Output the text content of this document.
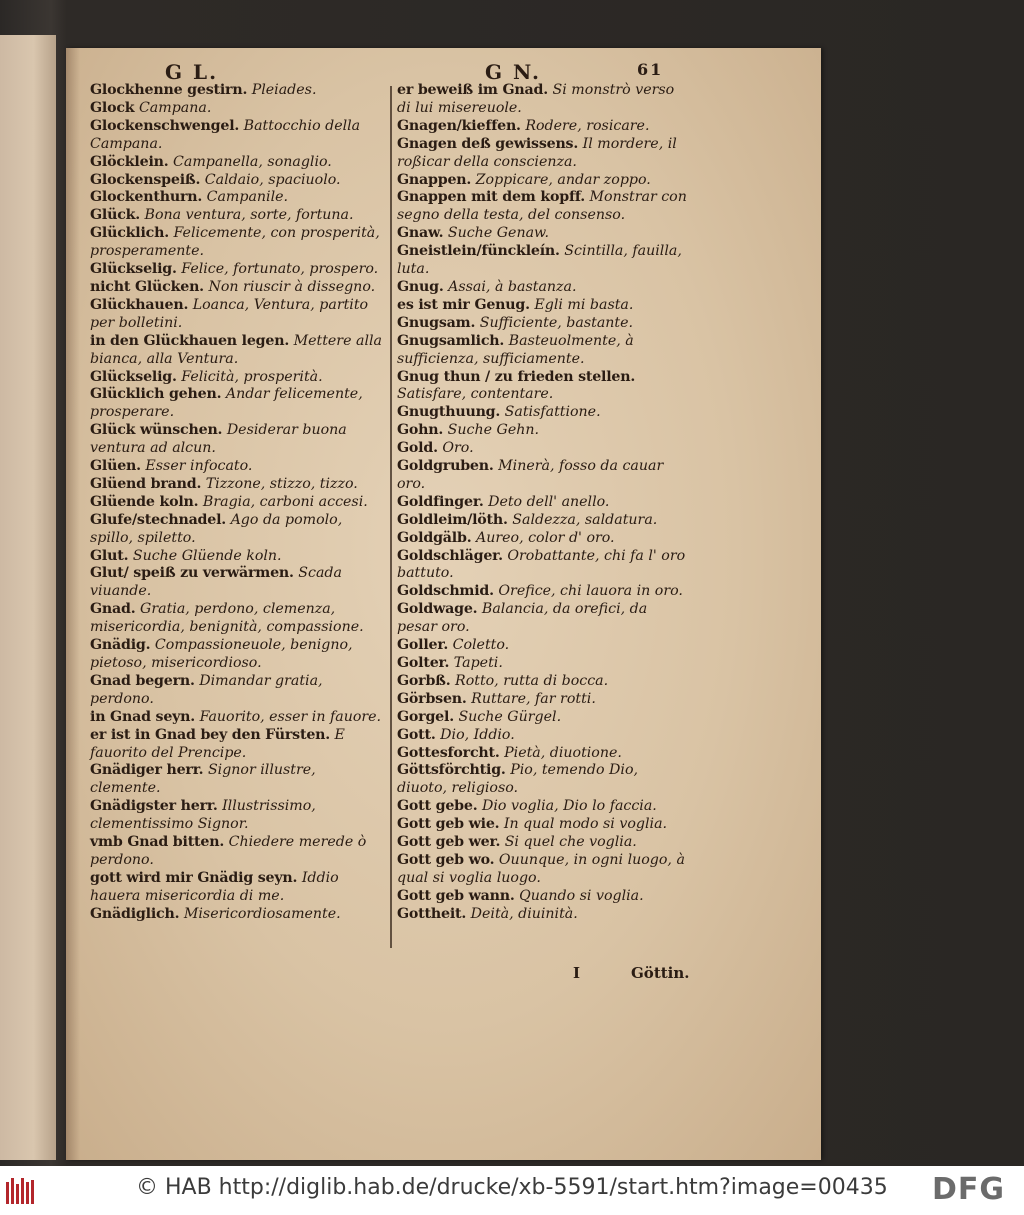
G L.	G N.	61
Glockhenne gestirn. Pleiades.
Glock Campana.
Glockenschwengel. Battocchio della Campana.
Glöcklein. Campanella, sonaglio.
Glockenspeiß. Caldaio, spaciuolo.
Glockenthurn. Campanile.
Glück. Bona ventura, sorte, fortuna.
Glücklich. Felicemente, con prosperità, prosperamente.
Glückselig. Felice, fortunato, prospero.
nicht Glücken. Non riuscir à dissegno.
Glückhauen. Loanca, Ventura, partito per bolletini.
in den Glückhauen legen. Mettere alla bianca, alla Ventura.
Glückselig. Felicità, prosperità.
Glücklich gehen. Andar felicemente, prosperare.
Glück wünschen. Desiderar buona ventura ad alcun.
Glüen. Esser infocato.
Glüend brand. Tizzone, stizzo, tizzo.
Glüende koln. Bragia, carboni accesi.
Glufe/stechnadel. Ago da pomolo, spillo, spiletto.
Glut. Suche Glüende koln.
Glut/ speiß zu verwärmen. Scada viuande.
Gnad. Gratia, perdono, clemenza, misericordia, benignità, compassione.
Gnädig. Compassioneuole, benigno, pietoso, misericordioso.
Gnad begern. Dimandar gratia, perdono.
in Gnad seyn. Fauorito, esser in fauore.
er ist in Gnad bey den Fürsten. E fauorito del Prencipe.
Gnädiger herr. Signor illustre, clemente.
Gnädigster herr. Illustrissimo, clementissimo Signor.
vmb Gnad bitten. Chiedere merede ò perdono.
gott wird mir Gnädig seyn. Iddio hauera misericordia di me.
Gnädiglich. Misericordiosamente.
er beweiß im Gnad. Si monstrò verso di lui misereuole.
Gnagen/kieffen. Rodere, rosicare.
Gnagen deß gewissens. Il mordere, il roßicar della conscienza.
Gnappen. Zoppicare, andar zoppo.
Gnappen mit dem kopff. Monstrar con segno della testa, del consenso.
Gnaw. Suche Genaw.
Gneistlein/fünckleín. Scintilla, fauilla, luta.
Gnug. Assai, à bastanza.
es ist mir Genug. Egli mi basta.
Gnugsam. Sufficiente, bastante.
Gnugsamlich. Basteuolmente, à sufficienza, sufficiamente.
Gnug thun / zu frieden stellen. Satisfare, contentare.
Gnugthuung. Satisfattione.
Gohn. Suche Gehn.
Gold. Oro.
Goldgruben. Minerà, fosso da cauar oro.
Goldfinger. Deto dell' anello.
Goldleim/löth. Saldezza, saldatura.
Goldgälb. Aureo, color d' oro.
Goldschläger. Orobattante, chi fa l' oro battuto.
Goldschmid. Orefice, chi lauora in oro.
Goldwage. Balancia, da orefici, da pesar oro.
Goller. Coletto.
Golter. Tapeti.
Gorbß. Rotto, rutta di bocca.
Görbsen. Ruttare, far rotti.
Gorgel. Suche Gürgel.
Gott. Dio, Iddio.
Gottesforcht. Pietà, diuotione.
Göttsförchtig. Pio, temendo Dio, diuoto, religioso.
Gott gebe. Dio voglia, Dio lo faccia.
Gott geb wie. In qual modo si voglia.
Gott geb wer. Si quel che voglia.
Gott geb wo. Ouunque, in ogni luogo, à qual si voglia luogo.
Gott geb wann. Quando si voglia.
Gottheit. Deità, diuinità.
I	Göttin.
© HAB http://diglib.hab.de/drucke/xb-5591/start.htm?image=00435 DFG
